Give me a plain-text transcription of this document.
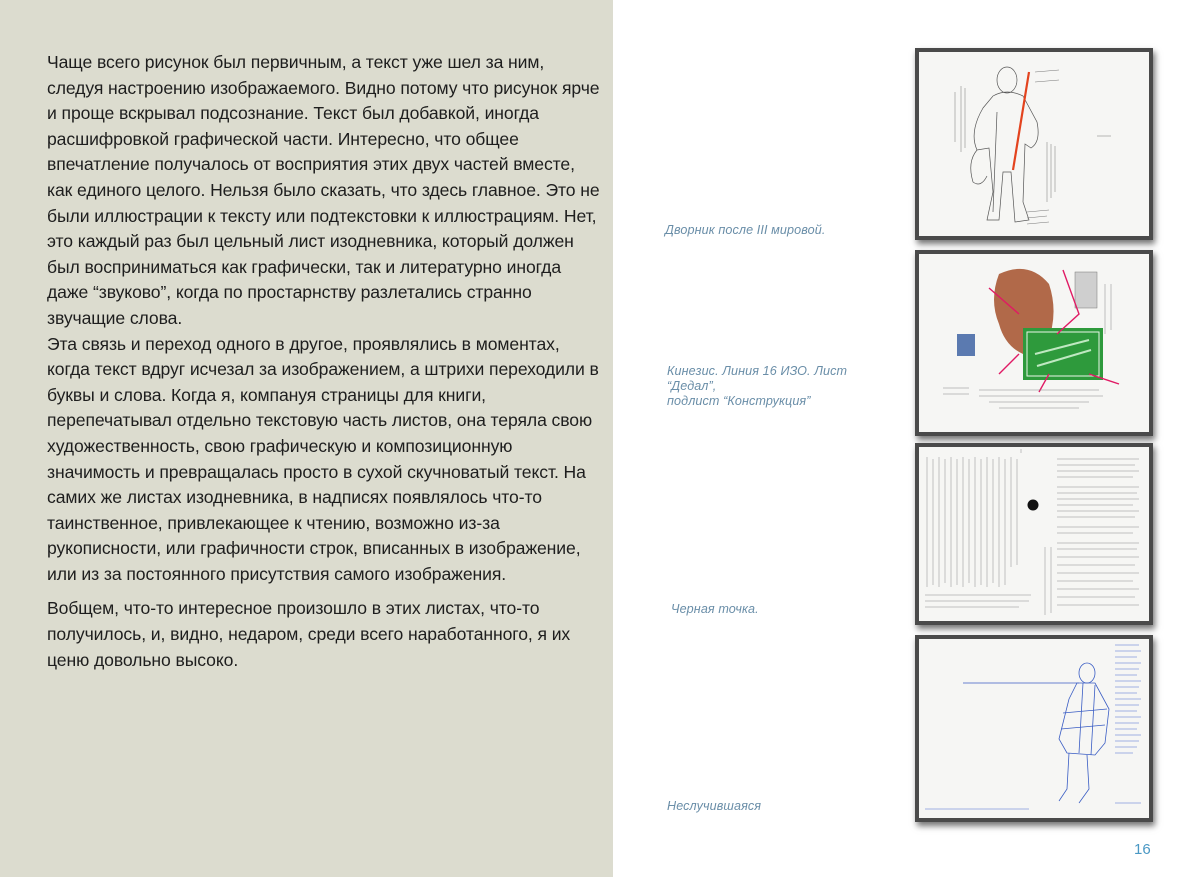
Чаще всего рисунок был первичным, а текст уже шел за ним, следуя настроению изображаемого. Видно потому что рисунок ярче и проще вскрывал подсознание. Текст был добавкой, иногда расшифровкой графической части. Интересно, что общее впечатление получалось от восприятия этих двух частей вместе, как единого целого. Нельзя было сказать, что здесь главное. Это не были иллюстрации к тексту или подтекстовки к иллюстрациям. Нет, это каждый раз был цельный лист изодневника, который должен был восприниматься как графически, так и литературно иногда даже “звуково”, когда по простарнству разлетались странно звучащие слова.

Эта связь и переход одного в другое, проявлялись в моментах, когда текст вдруг исчезал за изображением, а штрихи переходили в буквы и слова. Когда я, компануя страницы для книги, перепечатывал отдельно текстовую часть листов, она теряла свою художественность, свою графическую и композиционную значимость и превращалась просто в сухой скучноватый текст. На самих же листах изодневника, в надписях появлялось что-то таинственное, привлекающее к чтению, возможно из-за рукописности, или графичности строк, вписанных в изображение, или из за постоянного присутствия самого изображения.

Вобщем, что-то интересное произошло в этих листах, что-то получилось, и, видно, недаром, среди всего наработанного, я их ценю довольно высоко.

Дворник после III мировой.
Кинезис. Линия 16 ИЗО. Лист
“Дедал”,
подлист “Конструкция”
Черная точка.
Неслучившаяся
16
